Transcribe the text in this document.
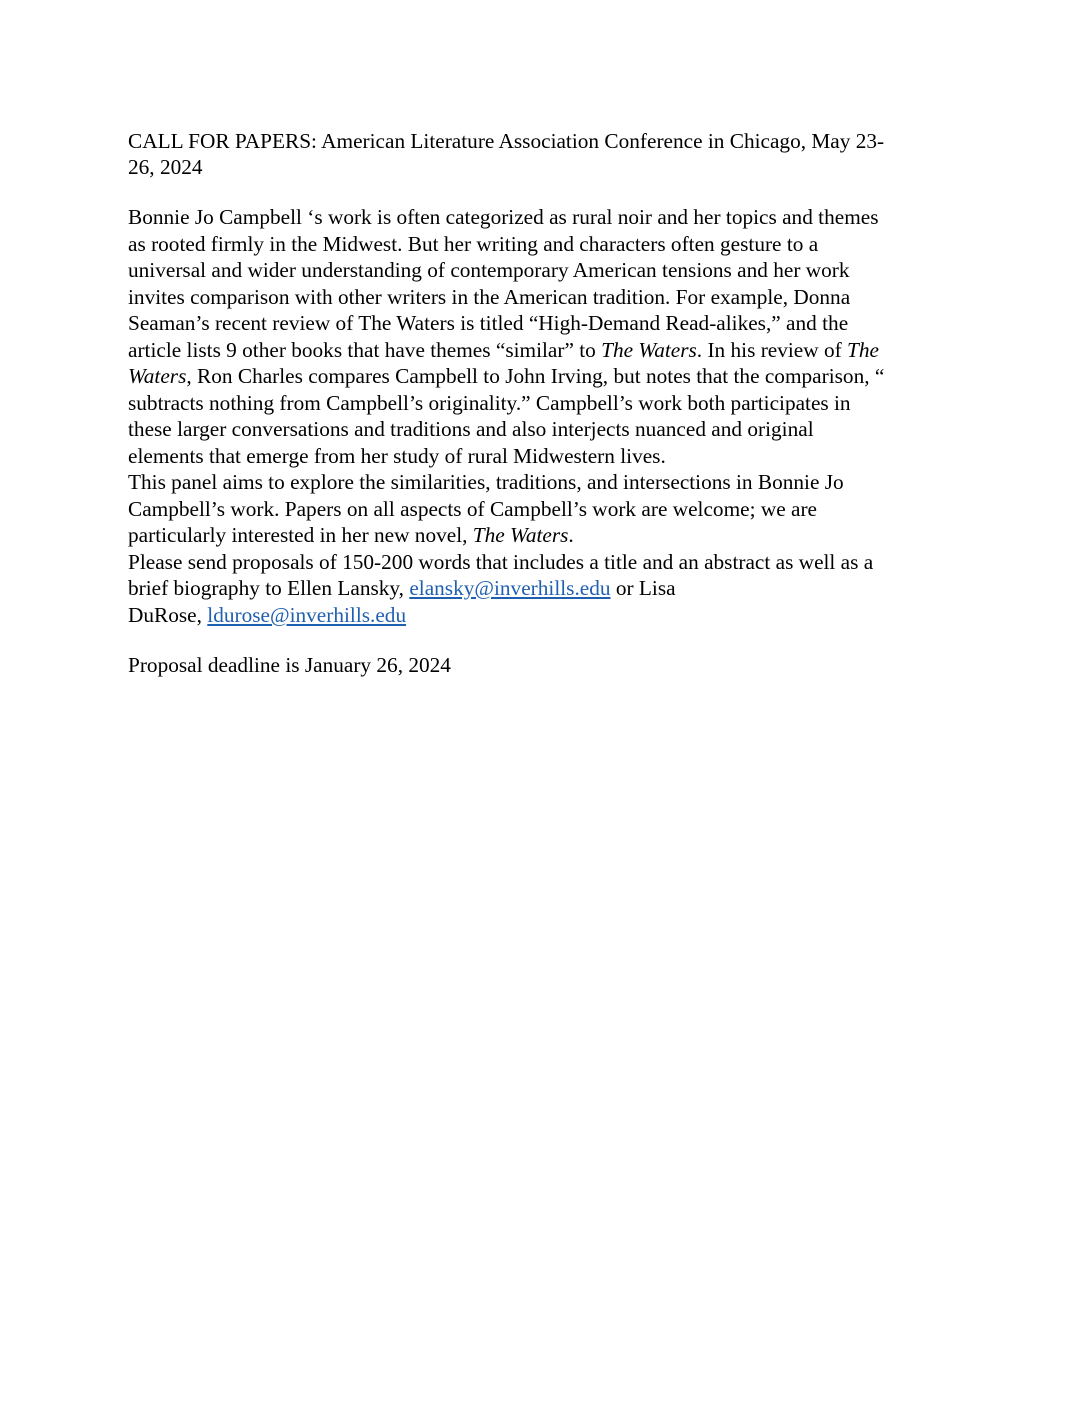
CALL FOR PAPERS: American Literature Association Conference in Chicago, May 23-
26, 2024
Bonnie Jo Campbell ‘s work is often categorized as rural noir and her topics and themes
as rooted firmly in the Midwest. But her writing and characters often gesture to a
universal and wider understanding of contemporary American tensions and her work
invites comparison with other writers in the American tradition. For example, Donna
Seaman’s recent review of The Waters is titled “High-Demand Read-alikes,” and the
article lists 9 other books that have themes “similar” to The Waters. In his review of The
Waters, Ron Charles compares Campbell to John Irving, but notes that the comparison, “
subtracts nothing from Campbell’s originality.” Campbell’s work both participates in
these larger conversations and traditions and also interjects nuanced and original
elements that emerge from her study of rural Midwestern lives.
This panel aims to explore the similarities, traditions, and intersections in Bonnie Jo
Campbell’s work. Papers on all aspects of Campbell’s work are welcome; we are
particularly interested in her new novel, The Waters.
Please send proposals of 150-200 words that includes a title and an abstract as well as a
brief biography to Ellen Lansky, elansky@inverhills.edu or Lisa
DuRose, ldurose@inverhills.edu
Proposal deadline is January 26, 2024
